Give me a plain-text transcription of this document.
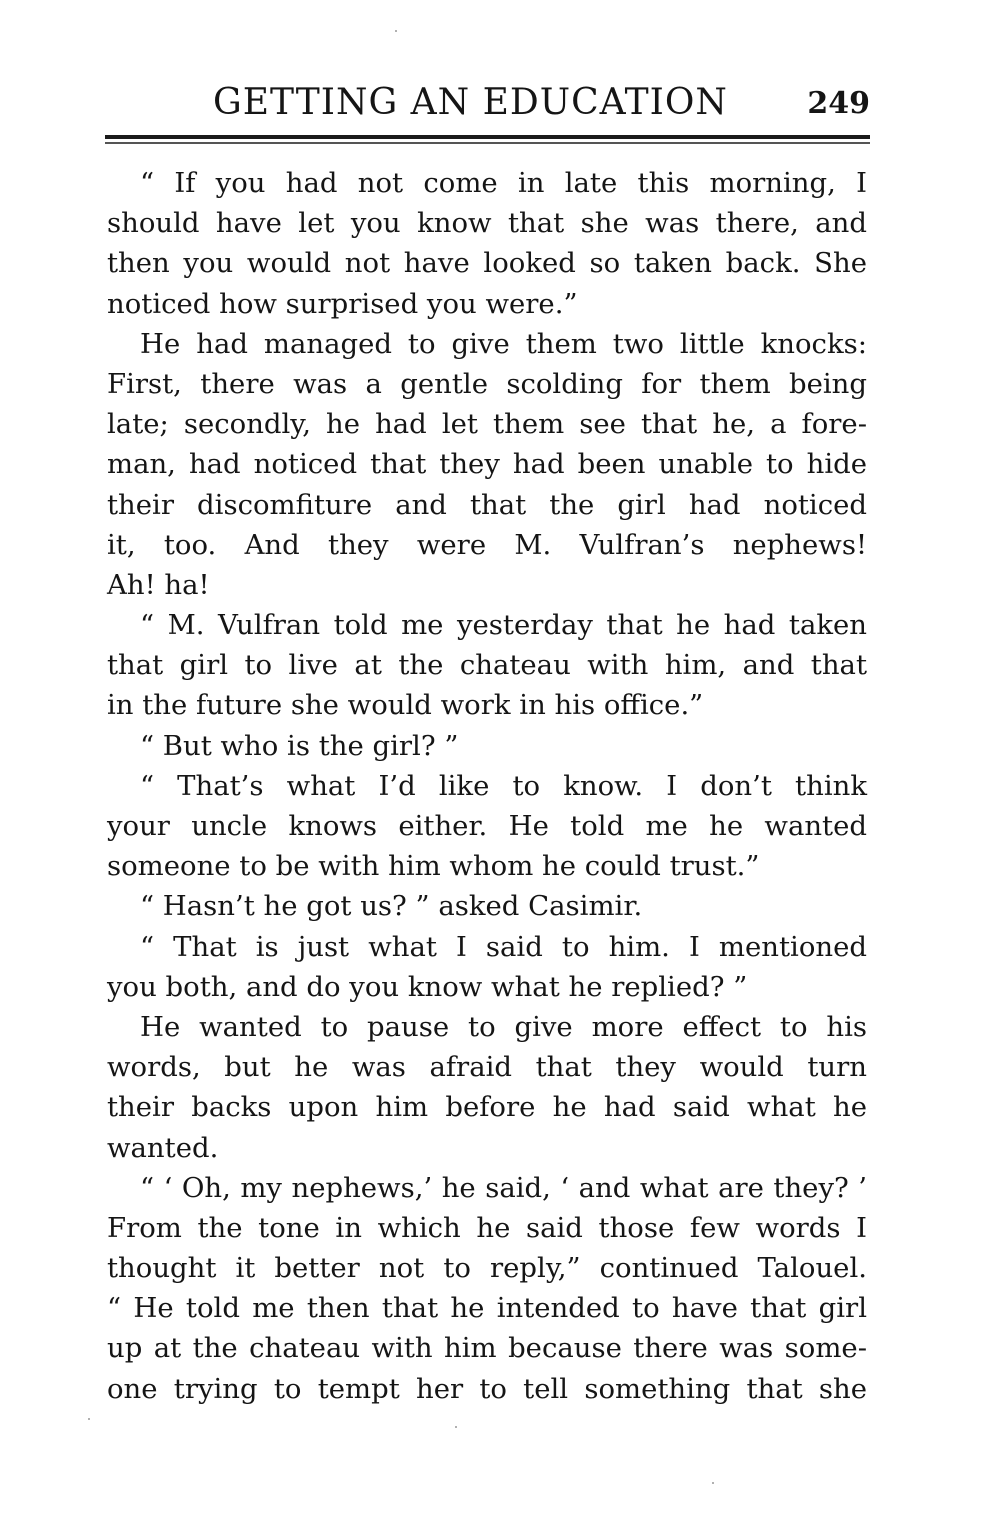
GETTING AN EDUCATION	249
“ If you had not come in late this morning, I
should have let you know that she was there, and
then you would not have looked so taken back. She
noticed how surprised you were.”
He had managed to give them two little knocks:
First, there was a gentle scolding for them being
late; secondly, he had let them see that he, a fore-
man, had noticed that they had been unable to hide
their discomfiture and that the girl had noticed
it, too. And they were M. Vulfran’s nephews!
Ah! ha!
“ M. Vulfran told me yesterday that he had taken
that girl to live at the chateau with him, and that
in the future she would work in his office.”
“ But who is the girl? ”
“ That’s what I’d like to know. I don’t think
your uncle knows either. He told me he wanted
someone to be with him whom he could trust.”
“ Hasn’t he got us? ” asked Casimir.
“ That is just what I said to him. I mentioned
you both, and do you know what he replied? ”
He wanted to pause to give more effect to his
words, but he was afraid that they would turn
their backs upon him before he had said what he
wanted.
“ ‘ Oh, my nephews,’ he said, ‘ and what are they? ’
From the tone in which he said those few words I
thought it better not to reply,” continued Talouel.
“ He told me then that he intended to have that girl
up at the chateau with him because there was some-
one trying to tempt her to tell something that she
